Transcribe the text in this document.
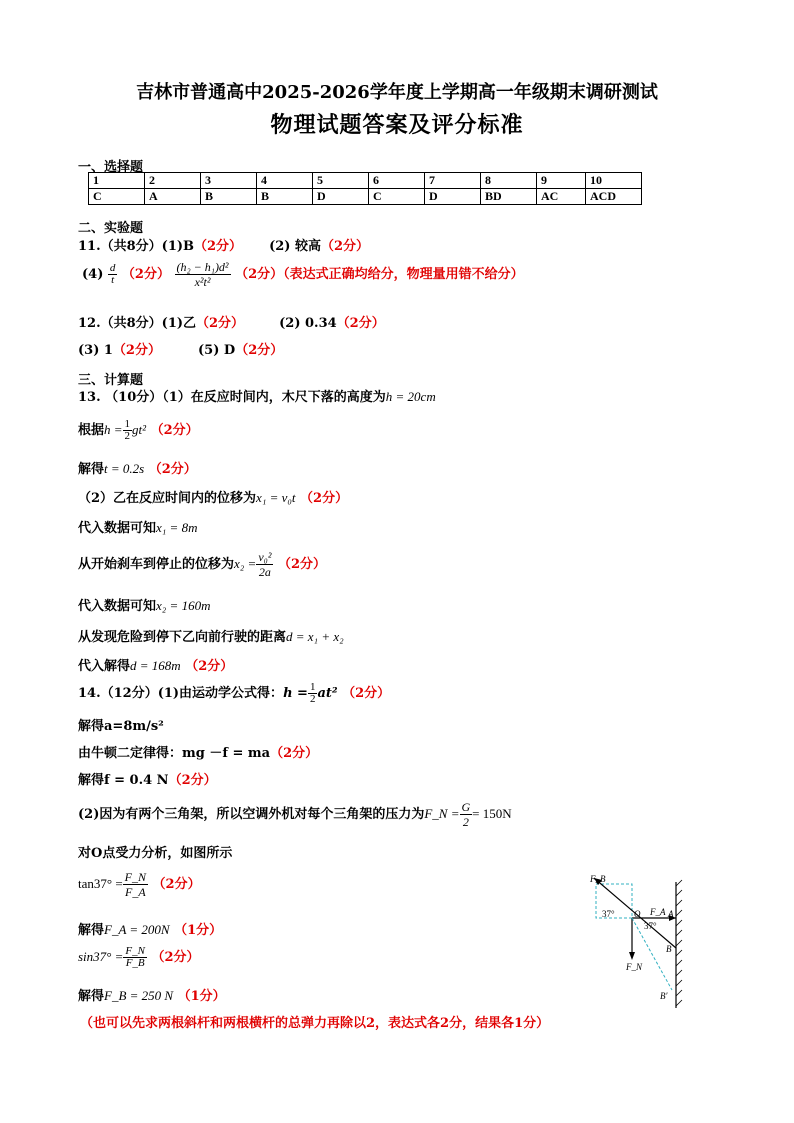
吉林市普通高中2025-2026学年度上学期高一年级期末调研测试
物理试题答案及评分标准
一、选择题
1	2	3	4	5	6	7	8	9	10
C	A	B	B	D	C	D	BD	AC	ACD
二、实验题
11.（共8分）(1)B（2分） (2) 较高（2分）
$(4) \frac{d}{t} (2$分） $\frac{\text{(h₂ − h₁)d²}}{\text{x²t²}} (2$分）（表达式正确均给分，物理量用错不给分）
12.（共8分）(1)乙（2分）	(2) 0.34（2分）
(3) 1（2分）	(5) D（2分）
三、计算题
13. （10分）（1）在反应时间内，木尺下落的高度为h = 20cm
根据$h = \frac{1}{2} gt^2$ （2分）
解得t = 0.2s （2分）
（2）乙在反应时间内的位移为x₁ = v₀t （2分）
代入数据可知x₁ = 8m
从开始刹车到停止的位移为$x_2 = \frac{\text{v₀²}}{2a} (2$分）
代入数据可知x₂ = 160m
从发现危险到停下乙向前行驶的距离d = x₁ + x₂
代入解得d = 168m （2分）
14.（12分）(1)由运动学公式得：$h = \frac{1}{2} at^2$ （2分）
解得a=8m/s²
由牛顿二定律得：mg －f = ma（2分）
解得f = 0.4 N（2分）
(2)因为有两个三角架，所以空调外机对每个三角架的压力为F_N = $\frac{G}{2} = 150N$
对O点受力分析，如图所示
$\tan 37^\circ = \frac{F\_N}{F\_A} (2$分）
解得F_A = 200N （1分）
$\sin 37^\circ = \frac{F\_N}{F\_B} (2$分）
解得F_B = 250 N （1分）
（也可以先求两根斜杆和两根横杆的总弹力再除以2，表达式各2分，结果各1分）
F_B
F_A A
O
37°
37°
B
B′
F_N
